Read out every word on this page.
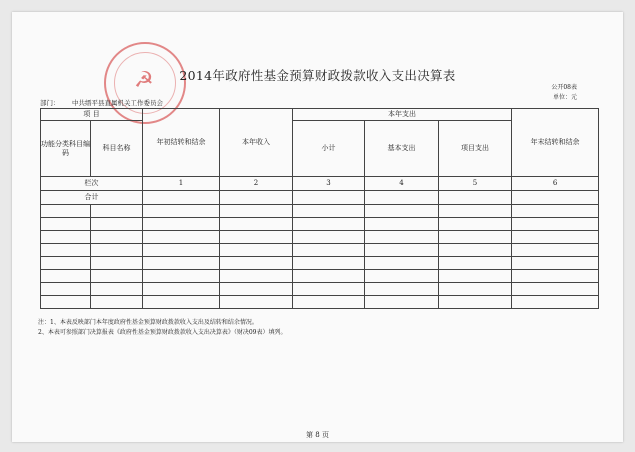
☭	2014年政府性基金预算财政拨款收入支出决算表
公开08表
单位：元
部门： 中共缙平县直属机关工作委员会
项 目		年初结转和结余	本年收入	本年支出			年末结转和结余
功能分类科目编码	科目名称			小计	基本支出	项目支出	

栏次		1	2	3	4	5	6
合计							

注：1、本表反映部门本年度政府性基金预算财政拨款收入支出及结转和结余情况。
2、本表可参照部门决算报表《政府性基金预算财政拨款收入支出决算表》（财决09表）填列。
第 8 页
